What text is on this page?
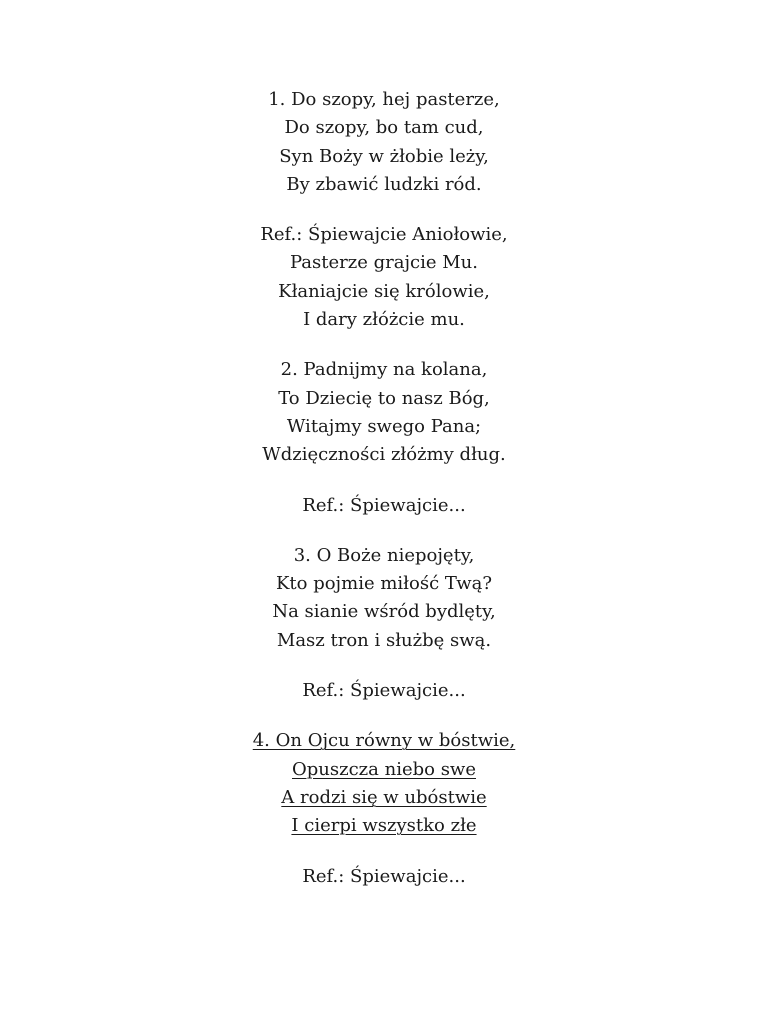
1. Do szopy, hej pasterze,
Do szopy, bo tam cud,
Syn Boży w żłobie leży,
By zbawić ludzki ród.
Ref.: Śpiewajcie Aniołowie,
Pasterze grajcie Mu.
Kłaniajcie się królowie,
I dary złóżcie mu.
2. Padnijmy na kolana,
To Dziecię to nasz Bóg,
Witajmy swego Pana;
Wdzięczności złóżmy dług.
Ref.: Śpiewajcie...
3. O Boże niepojęty,
Kto pojmie miłość Twą?
Na sianie wśród bydlęty,
Masz tron i służbę swą.
Ref.: Śpiewajcie...
4. On Ojcu równy w bóstwie,
Opuszcza niebo swe
A rodzi się w ubóstwie
I cierpi wszystko złe
Ref.: Śpiewajcie...
